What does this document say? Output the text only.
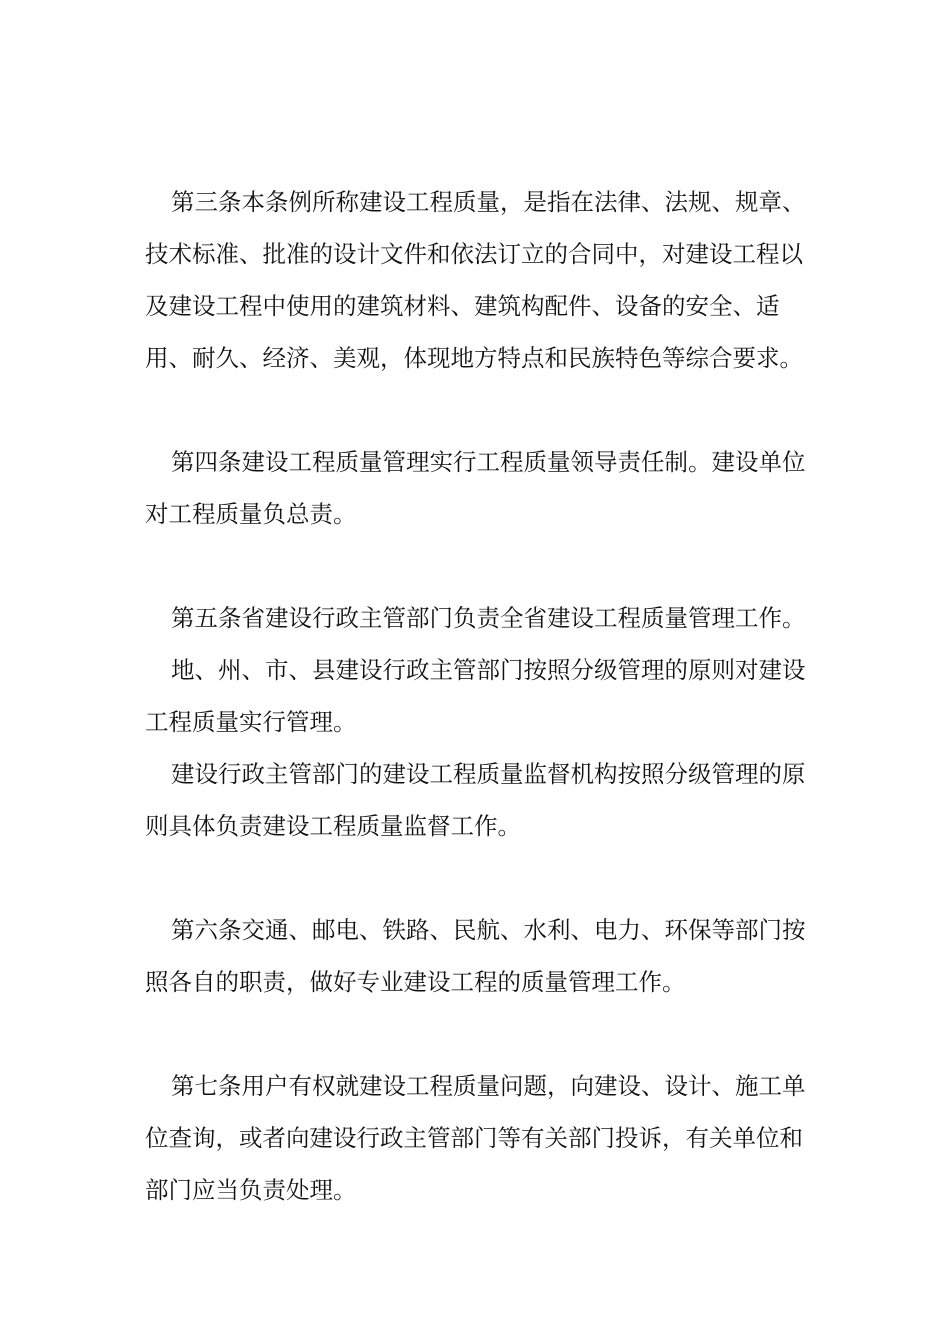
第三条本条例所称建设工程质量，是指在法律、法规、规章、技术标准、批准的设计文件和依法订立的合同中，对建设工程以及建设工程中使用的建筑材料、建筑构配件、设备的安全、适用、耐久、经济、美观，体现地方特点和民族特色等综合要求。

第四条建设工程质量管理实行工程质量领导责任制。建设单位对工程质量负总责。

第五条省建设行政主管部门负责全省建设工程质量管理工作。

地、州、市、县建设行政主管部门按照分级管理的原则对建设工程质量实行管理。

建设行政主管部门的建设工程质量监督机构按照分级管理的原则具体负责建设工程质量监督工作。

第六条交通、邮电、铁路、民航、水利、电力、环保等部门按照各自的职责，做好专业建设工程的质量管理工作。

第七条用户有权就建设工程质量问题，向建设、设计、施工单位查询，或者向建设行政主管部门等有关部门投诉，有关单位和部门应当负责处理。
